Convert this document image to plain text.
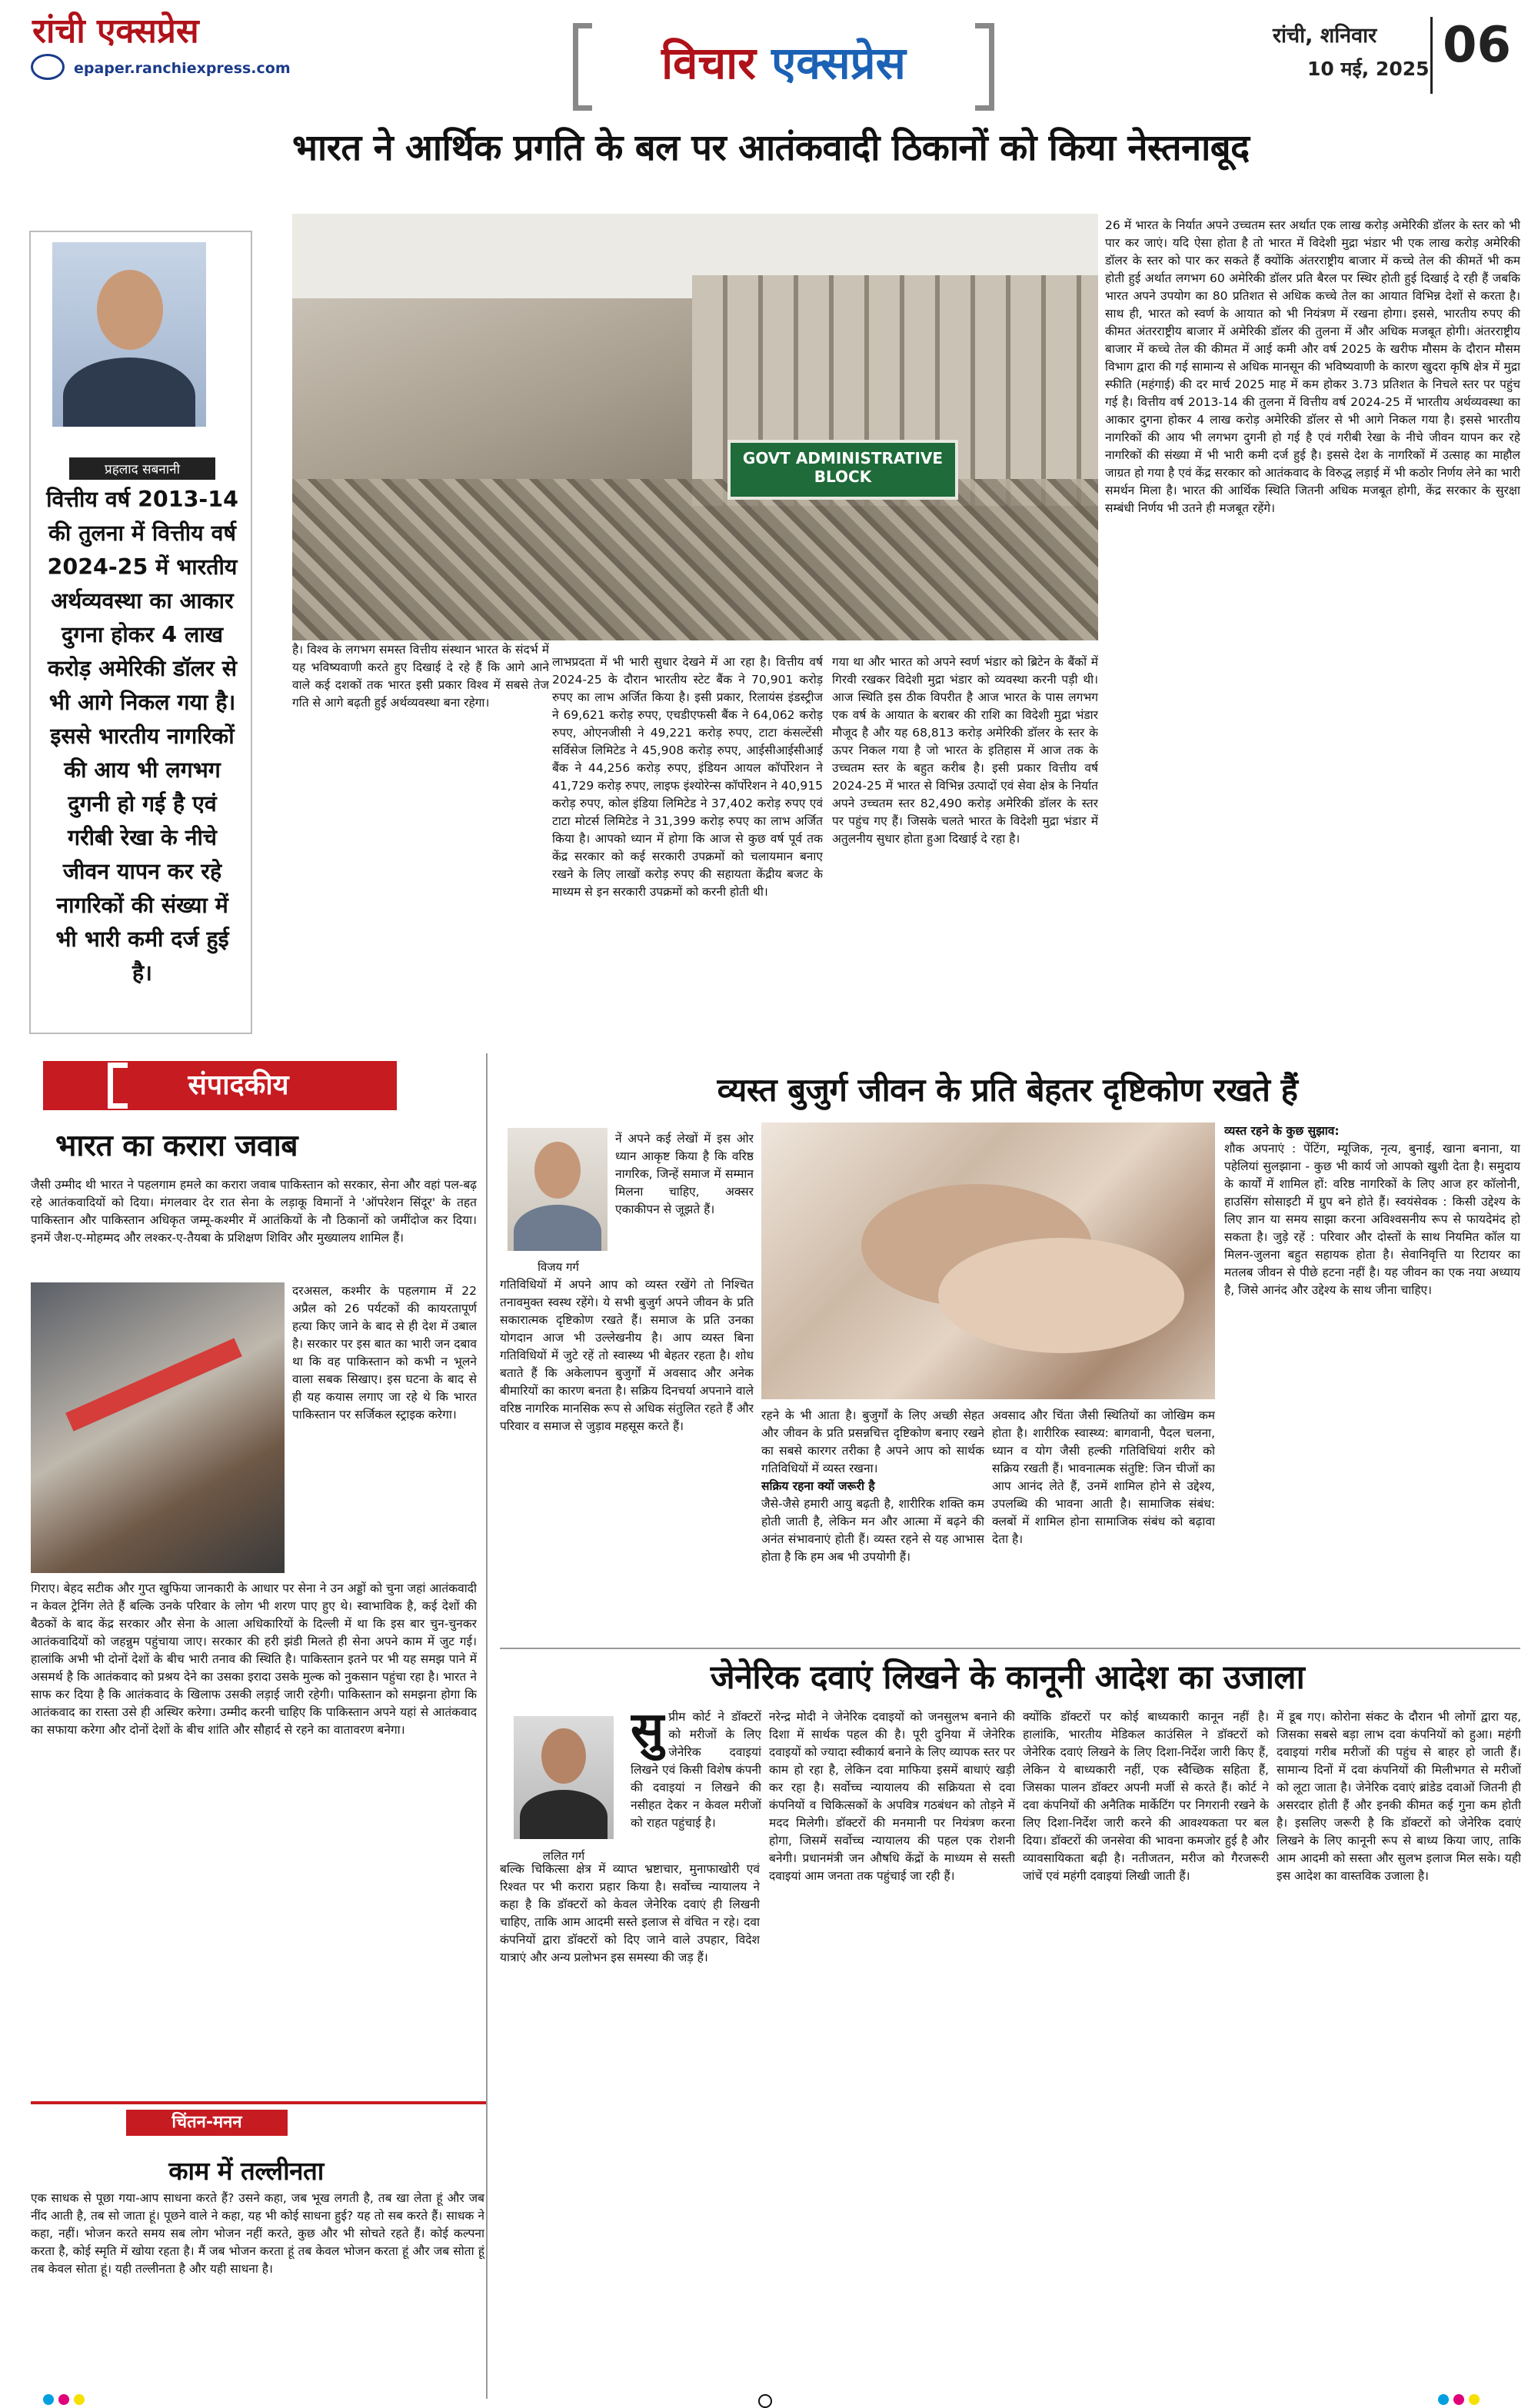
रांची एक्सप्रेस
epaper.ranchiexpress.com	विचार एक्सप्रेस
रांची, शनिवार
10 मई, 2025 06
भारत ने आर्थिक प्रगति के बल पर आतंकवादी ठिकानों को किया नेस्तनाबूद
प्रहलाद सबनानी
वित्तीय वर्ष 2013-14 की तुलना में वित्तीय वर्ष 2024-25 में भारतीय अर्थव्यवस्था का आकार दुगना होकर 4 लाख करोड़ अमेरिकी डॉलर से भी आगे निकल गया है। इससे भारतीय नागरिकों की आय भी लगभग दुगनी हो गई है एवं गरीबी रेखा के नीचे जीवन यापन कर रहे नागरिकों की संख्या में भी भारी कमी दर्ज हुई है।
है। विश्व के लगभग समस्त वित्तीय संस्थान भारत के संदर्भ में यह भविष्यवाणी करते हुए दिखाई दे रहे हैं कि आगे आने वाले कई दशकों तक भारत इसी प्रकार विश्व में सबसे तेज गति से आगे बढ़ती हुई अर्थव्यवस्था बना रहेगा।
GOVT ADMINISTRATIVE BLOCK
लाभप्रदता में भी भारी सुधार देखने में आ रहा है। वित्तीय वर्ष 2024-25 के दौरान भारतीय स्टेट बैंक ने 70,901 करोड़ रुपए का लाभ अर्जित किया है। इसी प्रकार, रिलायंस इंडस्ट्रीज ने 69,621 करोड़ रुपए, एचडीएफसी बैंक ने 64,062 करोड़ रुपए, ओएनजीसी ने 49,221 करोड़ रुपए, टाटा कंसल्टेंसी सर्विसेज लिमिटेड ने 45,908 करोड़ रुपए, आईसीआईसीआई बैंक ने 44,256 करोड़ रुपए, इंडियन आयल कॉर्पोरेशन ने 41,729 करोड़ रुपए, लाइफ इंश्योरेन्स कॉर्पोरेशन ने 40,915 करोड़ रुपए, कोल इंडिया लिमिटेड ने 37,402 करोड़ रुपए एवं टाटा मोटर्स लिमिटेड ने 31,399 करोड़ रुपए का लाभ अर्जित किया है। आपको ध्यान में होगा कि आज से कुछ वर्ष पूर्व तक केंद्र सरकार को कई सरकारी उपक्रमों को चलायमान बनाए रखने के लिए लाखों करोड़ रुपए की सहायता केंद्रीय बजट के माध्यम से इन सरकारी उपक्रमों को करनी होती थी।
गया था और भारत को अपने स्वर्ण भंडार को ब्रिटेन के बैंकों में गिरवी रखकर विदेशी मुद्रा भंडार को व्यवस्था करनी पड़ी थी। आज स्थिति इस ठीक विपरीत है आज भारत के पास लगभग एक वर्ष के आयात के बराबर की राशि का विदेशी मुद्रा भंडार मौजूद है और यह 68,813 करोड़ अमेरिकी डॉलर के स्तर के ऊपर निकल गया है जो भारत के इतिहास में आज तक के उच्चतम स्तर के बहुत करीब है। इसी प्रकार वित्तीय वर्ष 2024-25 में भारत से विभिन्न उत्पादों एवं सेवा क्षेत्र के निर्यात अपने उच्चतम स्तर 82,490 करोड़ अमेरिकी डॉलर के स्तर पर पहुंच गए हैं। जिसके चलते भारत के विदेशी मुद्रा भंडार में अतुलनीय सुधार होता हुआ दिखाई दे रहा है।
26 में भारत के निर्यात अपने उच्चतम स्तर अर्थात एक लाख करोड़ अमेरिकी डॉलर के स्तर को भी पार कर जाएं। यदि ऐसा होता है तो भारत में विदेशी मुद्रा भंडार भी एक लाख करोड़ अमेरिकी डॉलर के स्तर को पार कर सकते हैं क्योंकि अंतरराष्ट्रीय बाजार में कच्चे तेल की कीमतें भी कम होती हुई अर्थात लगभग 60 अमेरिकी डॉलर प्रति बैरल पर स्थिर होती हुई दिखाई दे रही हैं जबकि भारत अपने उपयोग का 80 प्रतिशत से अधिक कच्चे तेल का आयात विभिन्न देशों से करता है। साथ ही, भारत को स्वर्ण के आयात को भी नियंत्रण में रखना होगा। इससे, भारतीय रुपए की कीमत अंतरराष्ट्रीय बाजार में अमेरिकी डॉलर की तुलना में और अधिक मजबूत होगी। अंतरराष्ट्रीय बाजार में कच्चे तेल की कीमत में आई कमी और वर्ष 2025 के खरीफ मौसम के दौरान मौसम विभाग द्वारा की गई सामान्य से अधिक मानसून की भविष्यवाणी के कारण खुदरा कृषि क्षेत्र में मुद्रा स्फीति (महंगाई) की दर मार्च 2025 माह में कम होकर 3.73 प्रतिशत के निचले स्तर पर पहुंच गई है। वित्तीय वर्ष 2013-14 की तुलना में वित्तीय वर्ष 2024-25 में भारतीय अर्थव्यवस्था का आकार दुगना होकर 4 लाख करोड़ अमेरिकी डॉलर से भी आगे निकल गया है। इससे भारतीय नागरिकों की आय भी लगभग दुगनी हो गई है एवं गरीबी रेखा के नीचे जीवन यापन कर रहे नागरिकों की संख्या में भी भारी कमी दर्ज हुई है। इससे देश के नागरिकों में उत्साह का माहौल जाग्रत हो गया है एवं केंद्र सरकार को आतंकवाद के विरुद्ध लड़ाई में भी कठोर निर्णय लेने का भारी समर्थन मिला है। भारत की आर्थिक स्थिति जितनी अधिक मजबूत होगी, केंद्र सरकार के सुरक्षा सम्बंधी निर्णय भी उतने ही मजबूत रहेंगे।
संपादकीय
भारत का करारा जवाब
जैसी उम्मीद थी भारत ने पहलगाम हमले का करारा जवाब पाकिस्तान को सरकार, सेना और वहां पल-बढ़ रहे आतंकवादियों को दिया। मंगलवार देर रात सेना के लड़ाकू विमानों ने 'ऑपरेशन सिंदूर' के तहत पाकिस्तान और पाकिस्तान अधिकृत जम्मू-कश्मीर में आतंकियों के नौ ठिकानों को जमींदोज कर दिया। इनमें जैश-ए-मोहम्मद और लश्कर-ए-तैयबा के प्रशिक्षण शिविर और मुख्यालय शामिल हैं।
दरअसल, कश्मीर के पहलगाम में 22 अप्रैल को 26 पर्यटकों की कायरतापूर्ण हत्या किए जाने के बाद से ही देश में उबाल है। सरकार पर इस बात का भारी जन दबाव था कि वह पाकिस्तान को कभी न भूलने वाला सबक सिखाए। इस घटना के बाद से ही यह कयास लगाए जा रहे थे कि भारत पाकिस्तान पर सर्जिकल स्ट्राइक करेगा।
गिराए। बेहद सटीक और गुप्त खुफिया जानकारी के आधार पर सेना ने उन अड्डों को चुना जहां आतंकवादी न केवल ट्रेनिंग लेते हैं बल्कि उनके परिवार के लोग भी शरण पाए हुए थे। स्वाभाविक है, कई देशों की बैठकों के बाद केंद्र सरकार और सेना के आला अधिकारियों के दिल्ली में था कि इस बार चुन-चुनकर आतंकवादियों को जहन्नुम पहुंचाया जाए। सरकार की हरी झंडी मिलते ही सेना अपने काम में जुट गई। हालांकि अभी भी दोनों देशों के बीच भारी तनाव की स्थिति है। पाकिस्तान इतने पर भी यह समझ पाने में असमर्थ है कि आतंकवाद को प्रश्रय देने का उसका इरादा उसके मुल्क को नुकसान पहुंचा रहा है। भारत ने साफ कर दिया है कि आतंकवाद के खिलाफ उसकी लड़ाई जारी रहेगी। पाकिस्तान को समझना होगा कि आतंकवाद का रास्ता उसे ही अस्थिर करेगा। उम्मीद करनी चाहिए कि पाकिस्तान अपने यहां से आतंकवाद का सफाया करेगा और दोनों देशों के बीच शांति और सौहार्द से रहने का वातावरण बनेगा।
चिंतन-मनन
काम में तल्लीनता
एक साधक से पूछा गया-आप साधना करते हैं? उसने कहा, जब भूख लगती है, तब खा लेता हूं और जब नींद आती है, तब सो जाता हूं। पूछने वाले ने कहा, यह भी कोई साधना हुई? यह तो सब करते हैं। साधक ने कहा, नहीं। भोजन करते समय सब लोग भोजन नहीं करते, कुछ और भी सोचते रहते हैं। कोई कल्पना करता है, कोई स्मृति में खोया रहता है। मैं जब भोजन करता हूं तब केवल भोजन करता हूं और जब सोता हूं तब केवल सोता हूं। यही तल्लीनता है और यही साधना है।
व्यस्त बुजुर्ग जीवन के प्रति बेहतर दृष्टिकोण रखते हैं
विजय गर्ग
नें अपने कई लेखों में इस ओर ध्यान आकृष्ट किया है कि वरिष्ठ नागरिक, जिन्हें समाज में सम्मान मिलना चाहिए, अक्सर एकाकीपन से जूझते हैं।
गतिविधियों में अपने आप को व्यस्त रखेंगे तो निश्चित तनावमुक्त स्वस्थ रहेंगे। ये सभी बुजुर्ग अपने जीवन के प्रति सकारात्मक दृष्टिकोण रखते हैं। समाज के प्रति उनका योगदान आज भी उल्लेखनीय है। आप व्यस्त बिना गतिविधियों में जुटे रहें तो स्वास्थ्य भी बेहतर रहता है। शोध बताते हैं कि अकेलापन बुजुर्गों में अवसाद और अनेक बीमारियों का कारण बनता है। सक्रिय दिनचर्या अपनाने वाले वरिष्ठ नागरिक मानसिक रूप से अधिक संतुलित रहते हैं और परिवार व समाज से जुड़ाव महसूस करते हैं।
रहने के भी आता है। बुजुर्गों के लिए अच्छी सेहत और जीवन के प्रति प्रसन्नचित्त दृष्टिकोण बनाए रखने का सबसे कारगर तरीका है अपने आप को सार्थक गतिविधियों में व्यस्त रखना।
सक्रिय रहना क्यों जरूरी है
जैसे-जैसे हमारी आयु बढ़ती है, शारीरिक शक्ति कम होती जाती है, लेकिन मन और आत्मा में बढ़ने की अनंत संभावनाएं होती हैं। व्यस्त रहने से यह आभास होता है कि हम अब भी उपयोगी हैं।
अवसाद और चिंता जैसी स्थितियों का जोखिम कम होता है। शारीरिक स्वास्थ्य: बागवानी, पैदल चलना, ध्यान व योग जैसी हल्की गतिविधियां शरीर को सक्रिय रखती हैं। भावनात्मक संतुष्टि: जिन चीजों का आप आनंद लेते हैं, उनमें शामिल होने से उद्देश्य, उपलब्धि की भावना आती है। सामाजिक संबंध: क्लबों में शामिल होना सामाजिक संबंध को बढ़ावा देता है।
व्यस्त रहने के कुछ सुझाव:
शौक अपनाएं : पेंटिंग, म्यूजिक, नृत्य, बुनाई, खाना बनाना, या पहेलियां सुलझाना - कुछ भी कार्य जो आपको खुशी देता है। समुदाय के कार्यों में शामिल हों: वरिष्ठ नागरिकों के लिए आज हर कॉलोनी, हाउसिंग सोसाइटी में ग्रुप बने होते हैं। स्वयंसेवक : किसी उद्देश्य के लिए ज्ञान या समय साझा करना अविश्वसनीय रूप से फायदेमंद हो सकता है। जुड़े रहें : परिवार और दोस्तों के साथ नियमित कॉल या मिलन-जुलना बहुत सहायक होता है। सेवानिवृत्ति या रिटायर का मतलब जीवन से पीछे हटना नहीं है। यह जीवन का एक नया अध्याय है, जिसे आनंद और उद्देश्य के साथ जीना चाहिए।
जेनेरिक दवाएं लिखने के कानूनी आदेश का उजाला
ललित गर्ग
सुप्रीम कोर्ट ने डॉक्टरों को मरीजों के लिए जेनेरिक दवाइयां लिखने एवं किसी विशेष कंपनी की दवाइयां न लिखने की नसीहत देकर न केवल मरीजों को राहत पहुंचाई है।
बल्कि चिकित्सा क्षेत्र में व्याप्त भ्रष्टाचार, मुनाफाखोरी एवं रिश्वत पर भी करारा प्रहार किया है। सर्वोच्च न्यायालय ने कहा है कि डॉक्टरों को केवल जेनेरिक दवाएं ही लिखनी चाहिए, ताकि आम आदमी सस्ते इलाज से वंचित न रहे। दवा कंपनियों द्वारा डॉक्टरों को दिए जाने वाले उपहार, विदेश यात्राएं और अन्य प्रलोभन इस समस्या की जड़ हैं।
नरेन्द्र मोदी ने जेनेरिक दवाइयों को जनसुलभ बनाने की दिशा में सार्थक पहल की है। पूरी दुनिया में जेनेरिक दवाइयों को ज्यादा स्वीकार्य बनाने के लिए व्यापक स्तर पर काम हो रहा है, लेकिन दवा माफिया इसमें बाधाएं खड़ी कर रहा है। सर्वोच्च न्यायालय की सक्रियता से दवा कंपनियों व चिकित्सकों के अपवित्र गठबंधन को तोड़ने में मदद मिलेगी। डॉक्टरों की मनमानी पर नियंत्रण करना होगा, जिसमें सर्वोच्च न्यायालय की पहल एक रोशनी बनेगी। प्रधानमंत्री जन औषधि केंद्रों के माध्यम से सस्ती दवाइयां आम जनता तक पहुंचाई जा रही हैं।
क्योंकि डॉक्टरों पर कोई बाध्यकारी कानून नहीं है। हालांकि, भारतीय मेडिकल काउंसिल ने डॉक्टरों को जेनेरिक दवाएं लिखने के लिए दिशा-निर्देश जारी किए हैं, लेकिन ये बाध्यकारी नहीं, एक स्वैच्छिक सहिता हैं, जिसका पालन डॉक्टर अपनी मर्जी से करते हैं। कोर्ट ने दवा कंपनियों की अनैतिक मार्केटिंग पर निगरानी रखने के लिए दिशा-निर्देश जारी करने की आवश्यकता पर बल दिया। डॉक्टरों की जनसेवा की भावना कमजोर हुई है और व्यावसायिकता बढ़ी है। नतीजतन, मरीज को गैरजरूरी जांचें एवं महंगी दवाइयां लिखी जाती हैं।
में डूब गए। कोरोना संकट के दौरान भी लोगों द्वारा यह, जिसका सबसे बड़ा लाभ दवा कंपनियों को हुआ। महंगी दवाइयां गरीब मरीजों की पहुंच से बाहर हो जाती हैं। सामान्य दिनों में दवा कंपनियों की मिलीभगत से मरीजों को लूटा जाता है। जेनेरिक दवाएं ब्रांडेड दवाओं जितनी ही असरदार होती हैं और इनकी कीमत कई गुना कम होती है। इसलिए जरूरी है कि डॉक्टरों को जेनेरिक दवाएं लिखने के लिए कानूनी रूप से बाध्य किया जाए, ताकि आम आदमी को सस्ता और सुलभ इलाज मिल सके। यही इस आदेश का वास्तविक उजाला है।
